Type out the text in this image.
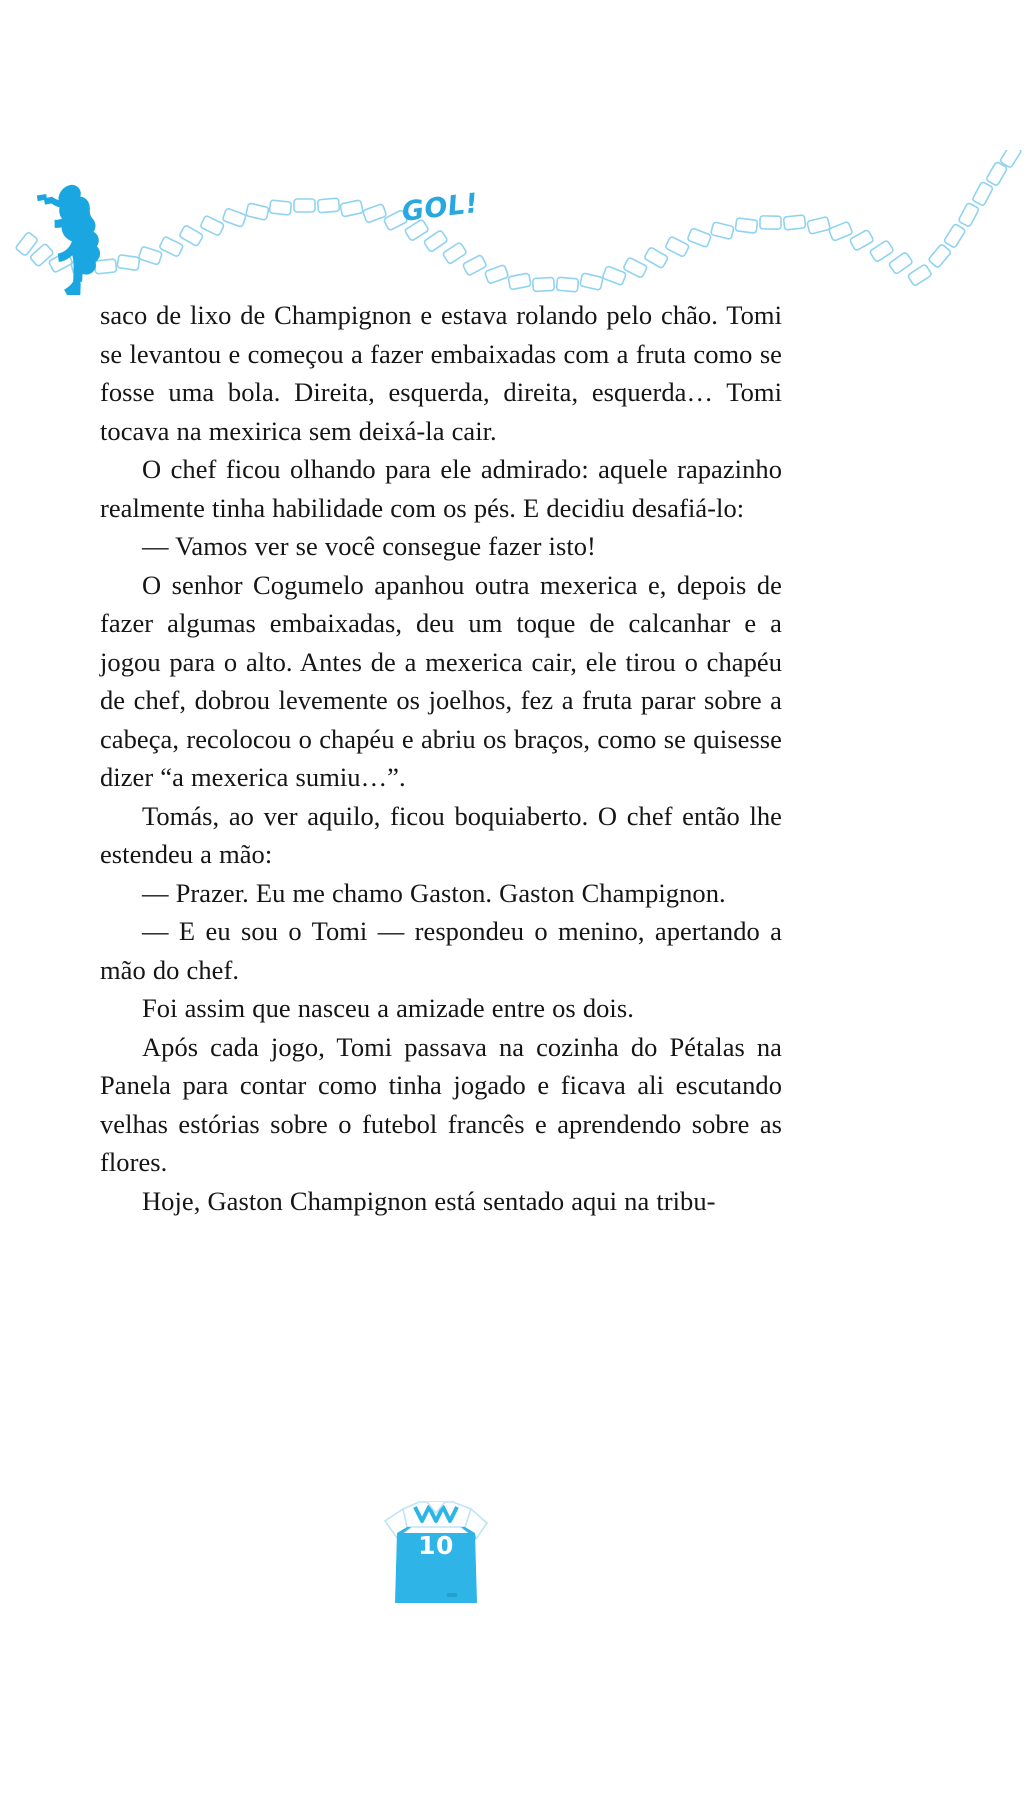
GOL!

saco de lixo de Champignon e estava rolando pelo chão. Tomi se levantou e começou a fazer embaixadas com a fruta como se fosse uma bola. Direita, esquerda, direita, esquerda… Tomi tocava na mexirica sem deixá-la cair.

O chef ficou olhando para ele admirado: aquele rapazinho realmente tinha habilidade com os pés. E decidiu desafiá-lo:

— Vamos ver se você consegue fazer isto!

O senhor Cogumelo apanhou outra mexerica e, depois de fazer algumas embaixadas, deu um toque de calcanhar e a jogou para o alto. Antes de a mexerica cair, ele tirou o chapéu de chef, dobrou levemente os joelhos, fez a fruta parar sobre a cabeça, recolocou o chapéu e abriu os braços, como se quisesse dizer “a mexerica sumiu…”.

Tomás, ao ver aquilo, ficou boquiaberto. O chef então lhe estendeu a mão:

— Prazer. Eu me chamo Gaston. Gaston Champignon.

— E eu sou o Tomi — respondeu o menino, apertando a mão do chef.

Foi assim que nasceu a amizade entre os dois.

Após cada jogo, Tomi passava na cozinha do Pétalas na Panela para contar como tinha jogado e ficava ali escutando velhas estórias sobre o futebol francês e aprendendo sobre as flores.

Hoje, Gaston Champignon está sentado aqui na tribu-

10
